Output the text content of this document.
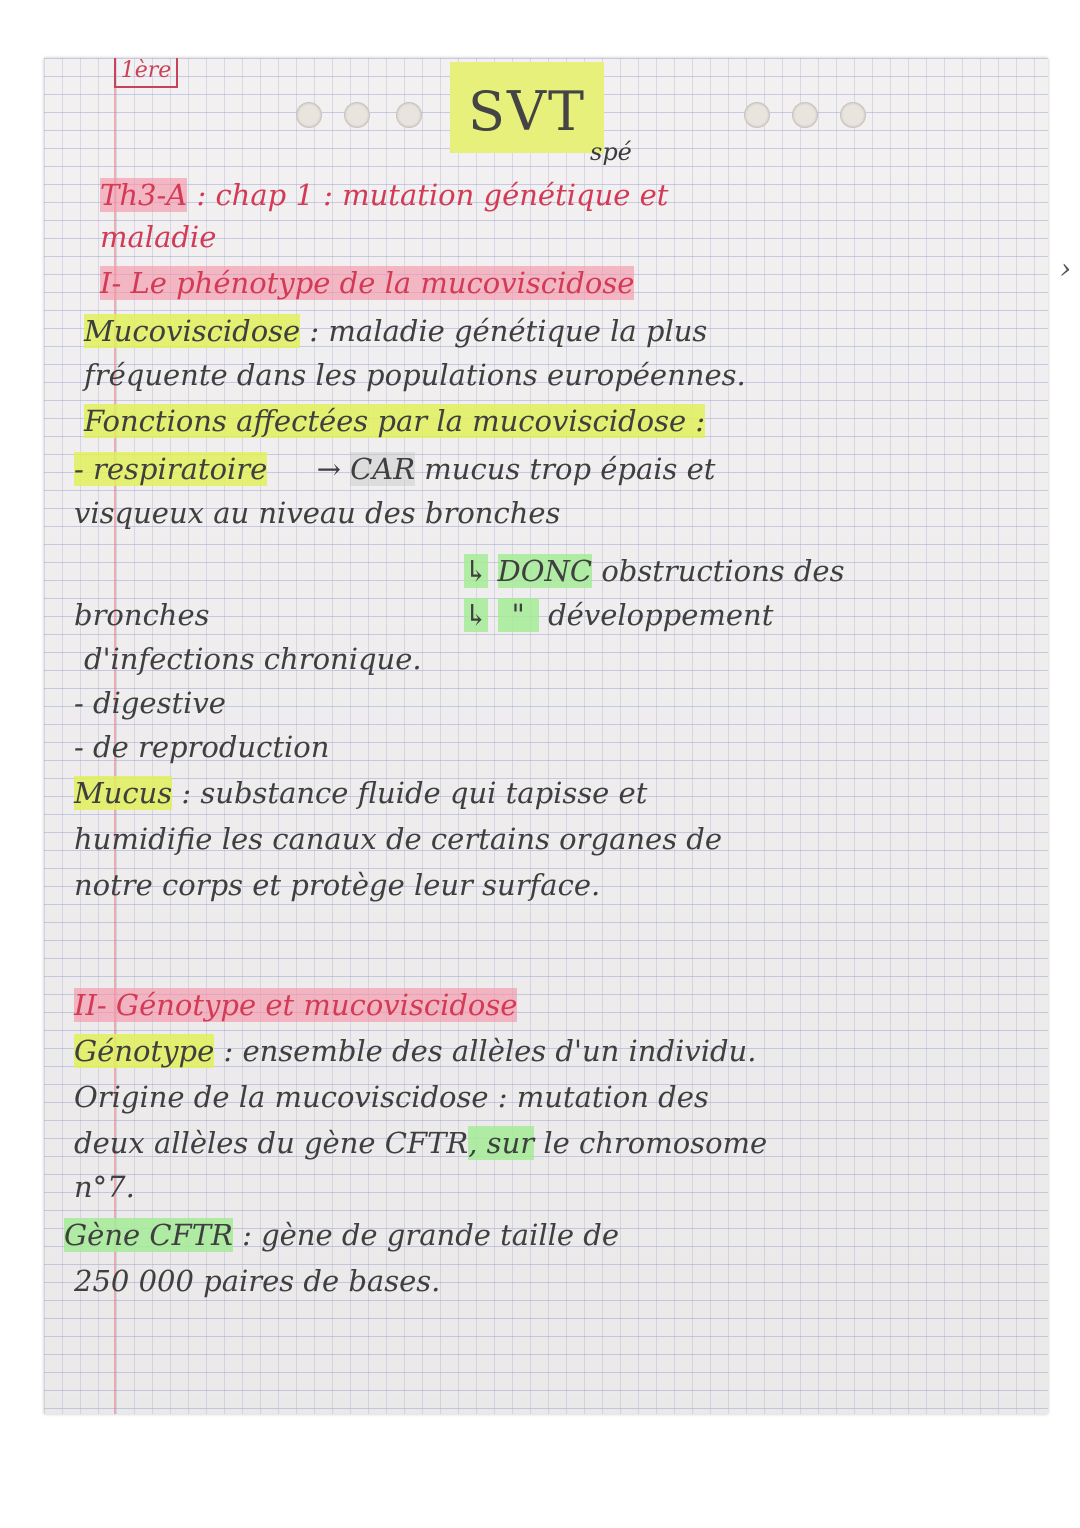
1ère
SVT
spé
Th3-A : chap 1 : mutation génétique et
maladie
I- Le phénotype de la mucoviscidose
Mucoviscidose : maladie génétique la plus
fréquente dans les populations européennes.
Fonctions affectées par la mucoviscidose :
- respiratoire → CAR mucus trop épais et
visqueux au niveau des bronches
↳ DONC obstructions des
bronches	↳ " développement
d'infections chronique.
- digestive
- de reproduction
Mucus : substance fluide qui tapisse et
humidifie les canaux de certains organes de
notre corps et protège leur surface.
II- Génotype et mucoviscidose
Génotype : ensemble des allèles d'un individu.
Origine de la mucoviscidose : mutation des
deux allèles du gène CFTR, sur le chromosome
n°7.
Gène CFTR : gène de grande taille de
250 000 paires de bases.
›
